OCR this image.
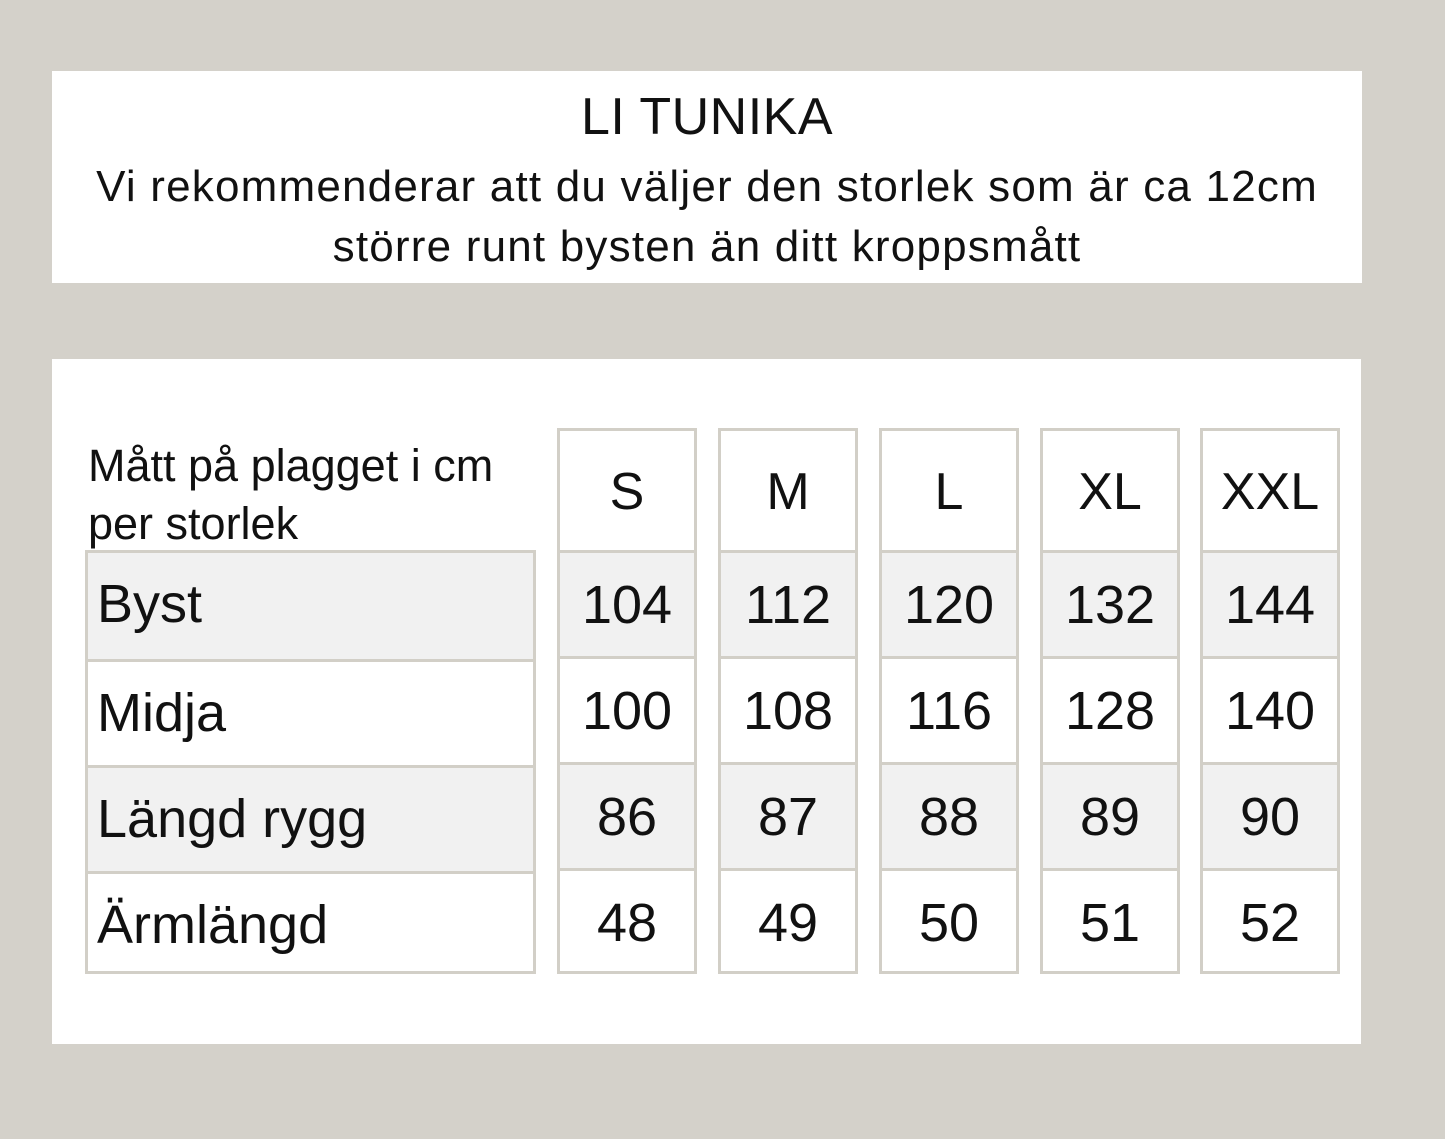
LI TUNIKA
Vi rekommenderar att du väljer den storlek som är ca 12cm större runt bysten än ditt kroppsmått
Mått på plagget i cm per storlek
Byst
Midja
Längd rygg
Ärmlängd
S
104
100
86
48
M
112
108
87
49
L
120
116
88
50
XL
132
128
89
51
XXL
144
140
90
52
